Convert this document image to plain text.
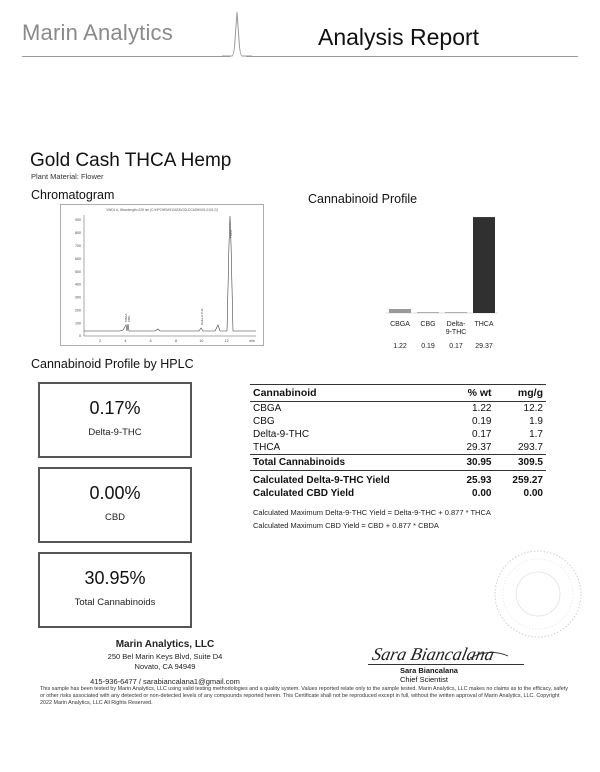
Marin Analytics	Analysis Report
Gold Cash THCA Hemp
Plant Material: Flower
Chromatogram	Cannabinoid Profile
Cannabinoid Profile by HPLC
VWD1 A, Wavelength=228 nm (C:\HPCHEM\1\DATA\GOLDCASH\001-0101.D)
900
800
700
600
500
400
300
200
100
0
2	4	6	8	10	12	min
CBGA CBG	Delta-9-THC
THCA
CBGA
1.22
CBG
0.19
Delta-
9-THC
0.17
THCA
29.37
0.17%
Delta-9-THC
0.00%
CBD
30.95%
Total Cannabinoids
Cannabinoid	% wt	mg/g
CBGA	1.22	12.2
CBG	0.19	1.9
Delta-9-THC	0.17	1.7
THCA	29.37	293.7
Total Cannabinoids	30.95	309.5
Calculated Delta-9-THC Yield	25.93	259.27
Calculated CBD Yield	0.00	0.00
Calculated Maximum Delta-9-THC Yield = Delta-9-THC + 0.877 * THCA
Calculated Maximum CBD Yield = CBD + 0.877 * CBDA
Marin Analytics, LLC
250 Bel Marin Keys Blvd, Suite D4
Novato, CA 94949
415-936-6477 / sarabiancalana1@gmail.com
Sara Biancalana
Sara Biancalana
Chief Scientist
This sample has been tested by Marin Analytics, LLC using valid testing methodologies and a quality system. Values reported relate only to the sample tested. Marin Analytics, LLC makes no claims as to the efficacy, safety or other risks associated with any detected or non-detected levels of any compounds reported herein. This Certificate shall not be reproduced except in full, without the written approval of Marin Analytics, LLC. Copyright 2022 Marin Analytics, LLC All Rights Reserved.
